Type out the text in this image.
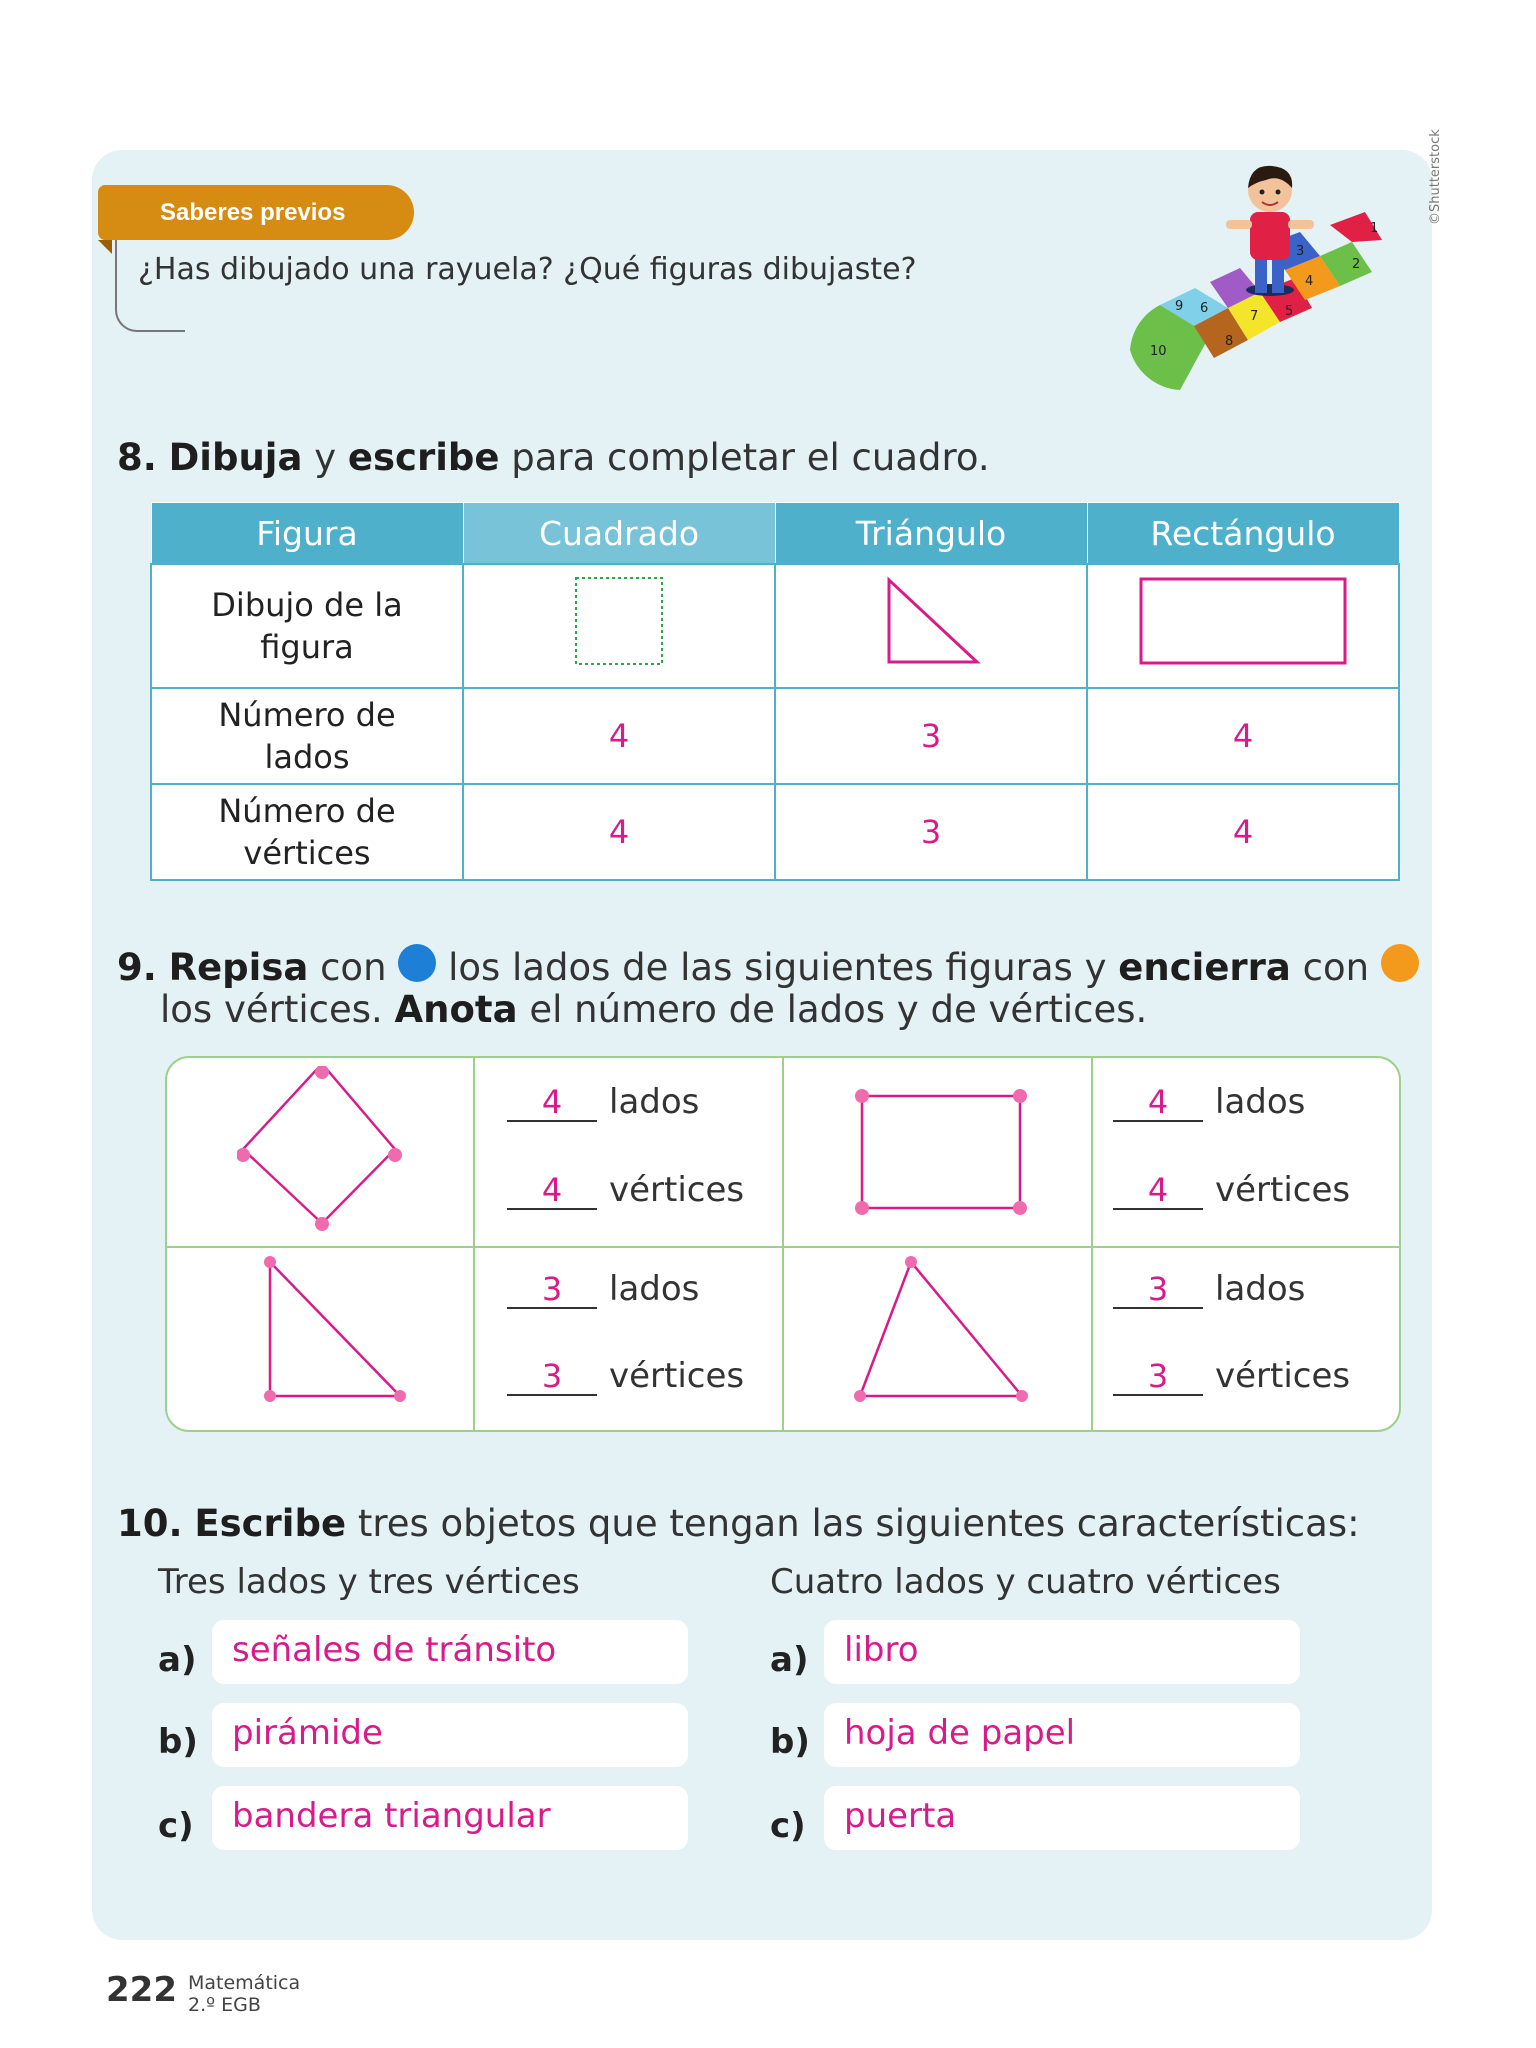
©Shutterstock
Saberes previos
¿Has dibujado una rayuela? ¿Qué figuras dibujaste?
1
2
3
4
5
6
7
8
9
10
8. Dibuja y escribe para completar el cuadro.
Figura	Cuadrado	Triángulo	Rectángulo

Dibujo de la figura

Número de lados	4	3	4

Número de vértices	4	3	4
9. Repisa con los lados de las siguientes figuras y encierra con
los vértices. Anota el número de lados y de vértices.
4 lados
4 vértices
4 lados
4 vértices
3 lados
3 vértices
3 lados
3 vértices
10. Escribe tres objetos que tengan las siguientes características:
Tres lados y tres vértices	Cuatro lados y cuatro vértices
a)	señales de tránsito
b)	pirámide
c)	bandera triangular
a)	libro
b)	hoja de papel
c)	puerta
222 Matemática
2.º EGB
